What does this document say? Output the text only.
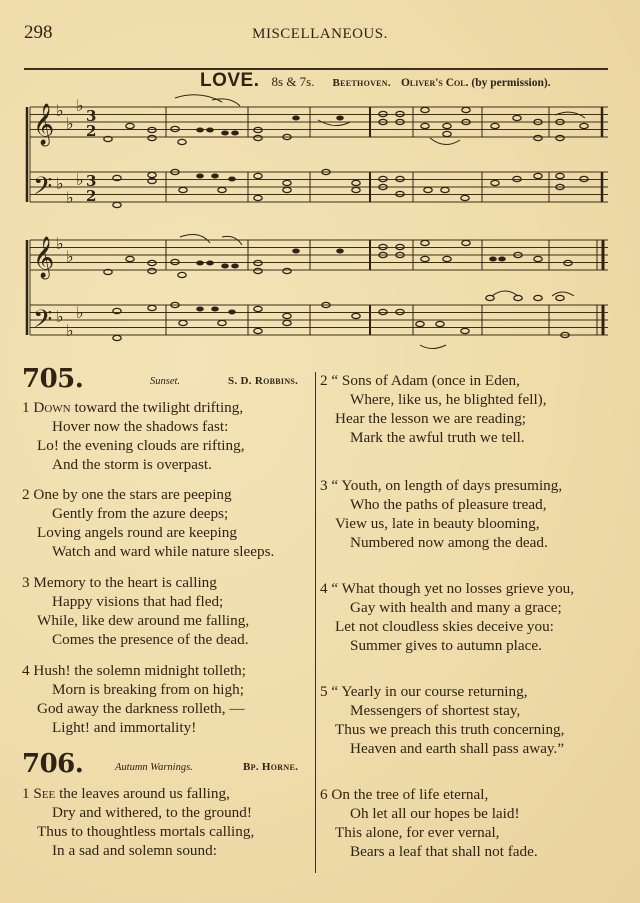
298	MISCELLANEOUS.
LOVE. 8s & 7s. Beethoven. Oliver's Col. (by permission).
𝄞
𝄢
𝄞
𝄢
♭
♭
♭
♭
♭
♭
♭
♭
♭
♭
♭
3
2
3
2
705.	Sunset.	S. D. Robbins.
1 Down toward the twilight drifting,
Hover now the shadows fast:
Lo! the evening clouds are rifting,
And the storm is overpast.
2 One by one the stars are peeping
Gently from the azure deeps;
Loving angels round are keeping
Watch and ward while nature sleeps.
3 Memory to the heart is calling
Happy visions that had fled;
While, like dew around me falling,
Comes the presence of the dead.
4 Hush! the solemn midnight tolleth;
Morn is breaking from on high;
God away the darkness rolleth, —
Light! and immortality!
706.	Autumn Warnings.	Bp. Horne.
1 See the leaves around us falling,
Dry and withered, to the ground!
Thus to thoughtless mortals calling,
In a sad and solemn sound:
2 “ Sons of Adam (once in Eden,
Where, like us, he blighted fell),
Hear the lesson we are reading;
Mark the awful truth we tell.
3 “ Youth, on length of days presuming,
Who the paths of pleasure tread,
View us, late in beauty blooming,
Numbered now among the dead.
4 “ What though yet no losses grieve you,
Gay with health and many a grace;
Let not cloudless skies deceive you:
Summer gives to autumn place.
5 “ Yearly in our course returning,
Messengers of shortest stay,
Thus we preach this truth concerning,
Heaven and earth shall pass away.”
6 On the tree of life eternal,
Oh let all our hopes be laid!
This alone, for ever vernal,
Bears a leaf that shall not fade.
